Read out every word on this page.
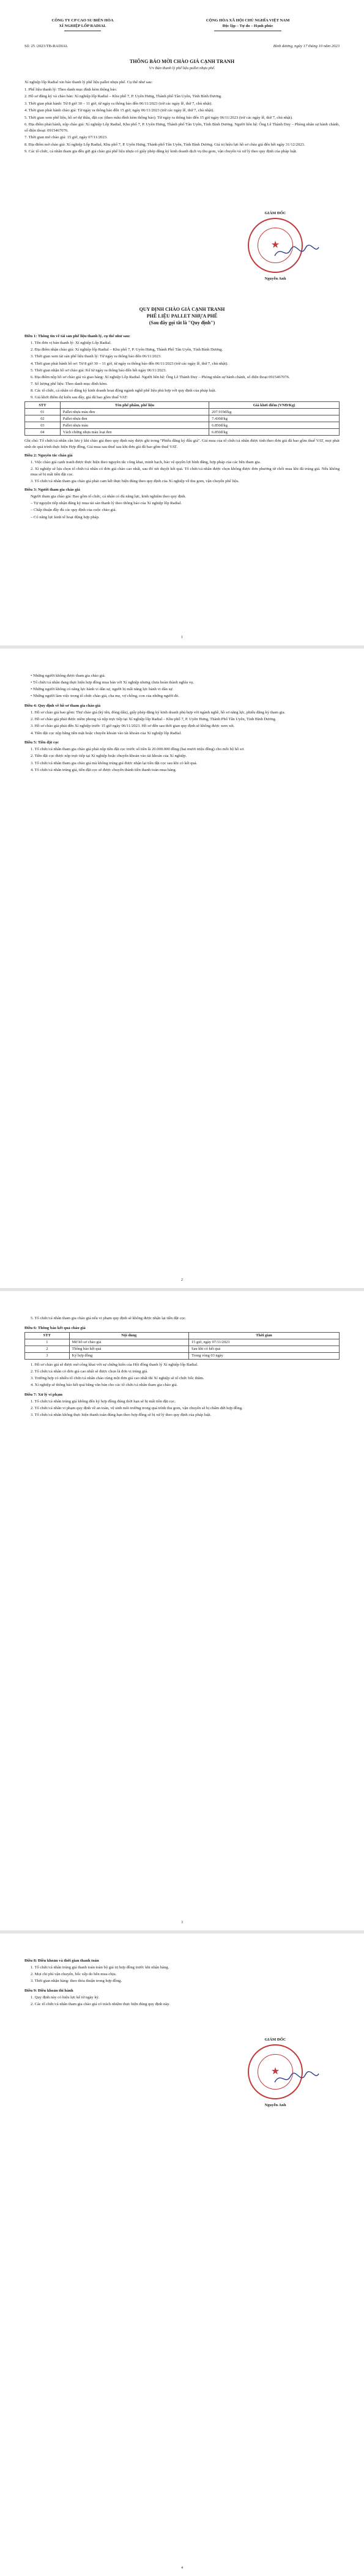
CÔNG TY CP CAO SU BIÊN HÒA
XÍ NGHIỆP LỐP RADIAL
CỘNG HÒA XÃ HỘI CHỦ NGHĨA VIỆT NAM
Độc lập – Tự do – Hạnh phúc
Số: 25 /2023/TB-RADIAL	Bình dương, ngày 17 tháng 10 năm 2023
THÔNG BÁO MỜI CHÀO GIÁ CẠNH TRANH
V/v Bán thanh lý phế liệu pallet nhựa phế.

Xí nghiệp lốp Radial xin báo thanh lý phế liệu pallet nhựa phế. Cụ thể như sau:

1. Phế liệu thanh lý: Theo danh mục đính kèm thông báo.

2. Hồ sơ đăng ký và chào bán: Xí nghiệp lốp Radial – Khu phố 7, P. Uyên Hưng, Thành phố Tân Uyên, Tỉnh Bình Dương.

3. Thời gian phát hành: Từ 8 giờ 30 – 11 giờ, từ ngày ra thông báo đến 06/11/2023 (trừ các ngày lễ, thứ 7, chủ nhật).

4. Thời gian phát hành chào giá: Từ ngày ra thông báo đến 15 giờ, ngày 06/11/2023 (trừ các ngày lễ, thứ 7, chủ nhật).

5. Thời gian xem phế liệu, hồ sơ dự thầu, đặt cọc (theo mẫu đính kèm thông báo): Từ ngày ra thông báo đến 15 giờ ngày 06/11/2023 (trừ các ngày lễ, thứ 7, chủ nhật).

6. Địa điểm phát hành, nộp chào giá: Xí nghiệp Lốp Radial, Khu phố 7, P. Uyên Hưng, Thành phố Tân Uyên, Tỉnh Bình Dương. Người liên hệ: Ông Lê Thành Duy – Phòng nhân sự hành chánh, số điện thoại: 0915467076.

7. Thời gian mở chào giá: 15 giờ, ngày 07/11/2023.

8. Địa điểm mở chào giá: Xí nghiệp Lốp Radial, Khu phố 7, P. Uyên Hưng, Thành phố Tân Uyên, Tỉnh Bình Dương. Giá trị hiệu lực hồ sơ chào giá đến hết ngày 31/12/2023.

9. Các tổ chức, cá nhân tham gia đều gửi giá chào giá phế liệu nhựa có giấy phép đăng ký kinh doanh dịch vụ thu gom, vận chuyển và xử lý theo quy định của pháp luật.

GIÁM ĐỐC
★
Nguyễn Anh
QUY ĐỊNH CHÀO GIÁ CẠNH TRANH
PHẾ LIỆU PALLET NHỰA PHẾ
(Sau đây gọi tắt là "Quy định")

Điều 1: Thông tin về tài sản phế liệu thanh lý, cụ thể như sau:

1. Tên đơn vị bán thanh lý: Xí nghiệp Lốp Radial.

2. Địa điểm nhận chào giá: Xí nghiệp lốp Radial – Khu phố 7, P. Uyên Hưng, Thành Phố Tân Uyên, Tỉnh Bình Dương.

3. Thời gian xem tài sản phế liệu thanh lý: Từ ngày ra thông báo đến 06/11/2023.

4. Thời gian phát hành hồ sơ: Từ 8 giờ 30 – 11 giờ, từ ngày ra thông báo đến 06/11/2023 (trừ các ngày lễ, thứ 7, chủ nhật).

5. Thời gian nhận hồ sơ chào giá: Kể từ ngày ra thông báo đến hết ngày 06/11/2023.

6. Địa điểm nộp hồ sơ chào giá và giao hàng: Xí nghiệp Lốp Radial. Người liên hệ: Ông Lê Thành Duy – Phòng nhân sự hành chánh, số điện thoại 0915467076.

7. Số lượng phế liệu: Theo danh mục đính kèm.

8. Các tổ chức, cá nhân có đăng ký kinh doanh hoạt động ngành nghề phế liệu phù hợp với quy định của pháp luật.

9. Giá khởi điểm dự kiến sau đây, giá đã bao gồm thuế VAT:

STT	Tên phế phẩm, phế liệu	Giá khởi điểm (VNĐ/Kg)
01	Pallet nhựa màu đen	207.919đ/kg
02	Pallet nhựa đen	7.430đ/kg
03	Pallet nhựa màu	6.850đ/kg
04	Vách chứng nhựa màu loại đen	6.850đ/kg

Ghi chú: Tổ chức/cá nhân cần lưu ý khi chào giá theo quy định này được ghi trong "Phiếu đăng ký đấu giá". Giá mua của tổ chức/cá nhân được tính theo đơn giá đã bao gồm thuế VAT, mọi phát sinh do quá trình thực hiện Hợp đồng, Giá mua sau thuế sau khi đơn giá đã bao gồm thuế VAT.

Điều 2: Nguyên tắc chào giá

1. Việc chào giá cạnh tranh được thực hiện theo nguyên tắc công khai, minh bạch, bảo vệ quyền lợi bình đẳng, hợp pháp của các bên tham gia.

2. Xí nghiệp sẽ lựa chọn tổ chức/cá nhân có đơn giá chào cao nhất, sau đó xét duyệt kết quả. Tổ chức/cá nhân được chọn không được đơn phương từ chối mua khi đã trúng giá. Nếu không mua sẽ bị mất tiền đặt cọc.

3. Tổ chức/cá nhân tham gia chào giá phải cam kết thực hiện đúng theo quy định của Xí nghiệp về thu gom, vận chuyển phế liệu.

Điều 3: Người tham gia chào giá

Người tham gia chào giá: Bao gồm tổ chức, cá nhân có đủ năng lực, kinh nghiệm theo quy định.

– Tự nguyện tiếp nhận đăng ký mua tài sản thanh lý theo thông báo của Xí nghiệp lốp Radial.

– Chấp thuận đầy đủ các quy định của cuộc chào giá.

– Có năng lực kinh tế hoạt động hợp pháp.

1

• Những người không được tham gia chào giá.

• Tổ chức/cá nhân đang thực hiện hợp đồng mua bán với Xí nghiệp nhưng chưa hoàn thành nghĩa vụ.

• Những người không có năng lực hành vi dân sự, người bị mất năng lực hành vi dân sự.

• Những người làm việc trong tổ chức chào giá, cha mẹ, vợ chồng, con của những người đó.

Điều 4: Quy định về hồ sơ tham gia chào giá

1. Hồ sơ chào giá bao gồm: Thư chào giá (ký tên, đóng dấu), giấy phép đăng ký kinh doanh phù hợp với ngành nghề, hồ sơ năng lực, phiếu đăng ký tham gia.

2. Hồ sơ chào giá phải được niêm phong và nộp trực tiếp tại Xí nghiệp lốp Radial – Khu phố 7, P. Uyên Hưng, Thành Phố Tân Uyên, Tỉnh Bình Dương.

3. Hồ sơ chào giá phải đến Xí nghiệp trước 15 giờ ngày 06/11/2023. Hồ sơ đến sau thời gian quy định sẽ không được xem xét.

4. Tiền đặt cọc nộp bằng tiền mặt hoặc chuyển khoản vào tài khoản của Xí nghiệp lốp Radial.

Điều 5: Tiền đặt cọc

1. Tổ chức/cá nhân tham gia chào giá phải nộp tiền đặt cọc trước số tiền là 20.000.000 đồng (hai mươi triệu đồng) cho mỗi bộ hồ sơ.

2. Tiền đặt cọc được nộp trực tiếp tại Xí nghiệp hoặc chuyển khoản vào tài khoản của Xí nghiệp.

3. Tổ chức/cá nhân tham gia chào giá mà không trúng giá được nhận lại tiền đặt cọc sau khi có kết quả.

4. Tổ chức/cá nhân trúng giá, tiền đặt cọc sẽ được chuyển thành tiền thanh toán mua hàng.

2

5. Tổ chức/cá nhân tham gia chào giá nếu vi phạm quy định sẽ không được nhận lại tiền đặt cọc.

Điều 6: Thông báo kết quả chào giá

STT	Nội dung	Thời gian
1	Mở hồ sơ chào giá	15 giờ, ngày 07/11/2023
2	Thông báo kết quả	Sau khi có kết quả
3	Ký hợp đồng	Trong vòng 03 ngày

1. Hồ sơ chào giá sẽ được mở công khai với sự chứng kiến của Hội đồng thanh lý Xí nghiệp lốp Radial.

2. Tổ chức/cá nhân có đơn giá cao nhất sẽ được chọn là đơn vị trúng giá.

3. Trường hợp có nhiều tổ chức/cá nhân chào cùng một đơn giá cao nhất thì Xí nghiệp sẽ tổ chức bốc thăm.

4. Xí nghiệp sẽ thông báo kết quả bằng văn bản cho các tổ chức/cá nhân tham gia chào giá.

Điều 7: Xử lý vi phạm

1. Tổ chức/cá nhân trúng giá không đến ký hợp đồng đúng thời hạn sẽ bị mất tiền đặt cọc.

2. Tổ chức/cá nhân vi phạm quy định về an toàn, vệ sinh môi trường trong quá trình thu gom, vận chuyển sẽ bị chấm dứt hợp đồng.

3. Tổ chức/cá nhân không thực hiện thanh toán đúng hạn theo hợp đồng sẽ bị xử lý theo quy định của pháp luật.

3

Điều 8: Điều khoản và thời gian thanh toán

1. Tổ chức/cá nhân trúng giá thanh toán toàn bộ giá trị hợp đồng trước khi nhận hàng.

2. Mọi chi phí vận chuyển, bốc xếp do bên mua chịu.

3. Thời gian nhận hàng: theo thỏa thuận trong hợp đồng.

Điều 9: Điều khoản thi hành

1. Quy định này có hiệu lực kể từ ngày ký.

2. Các tổ chức/cá nhân tham gia chào giá có trách nhiệm thực hiện đúng quy định này.

GIÁM ĐỐC
★
Nguyễn Anh
4
